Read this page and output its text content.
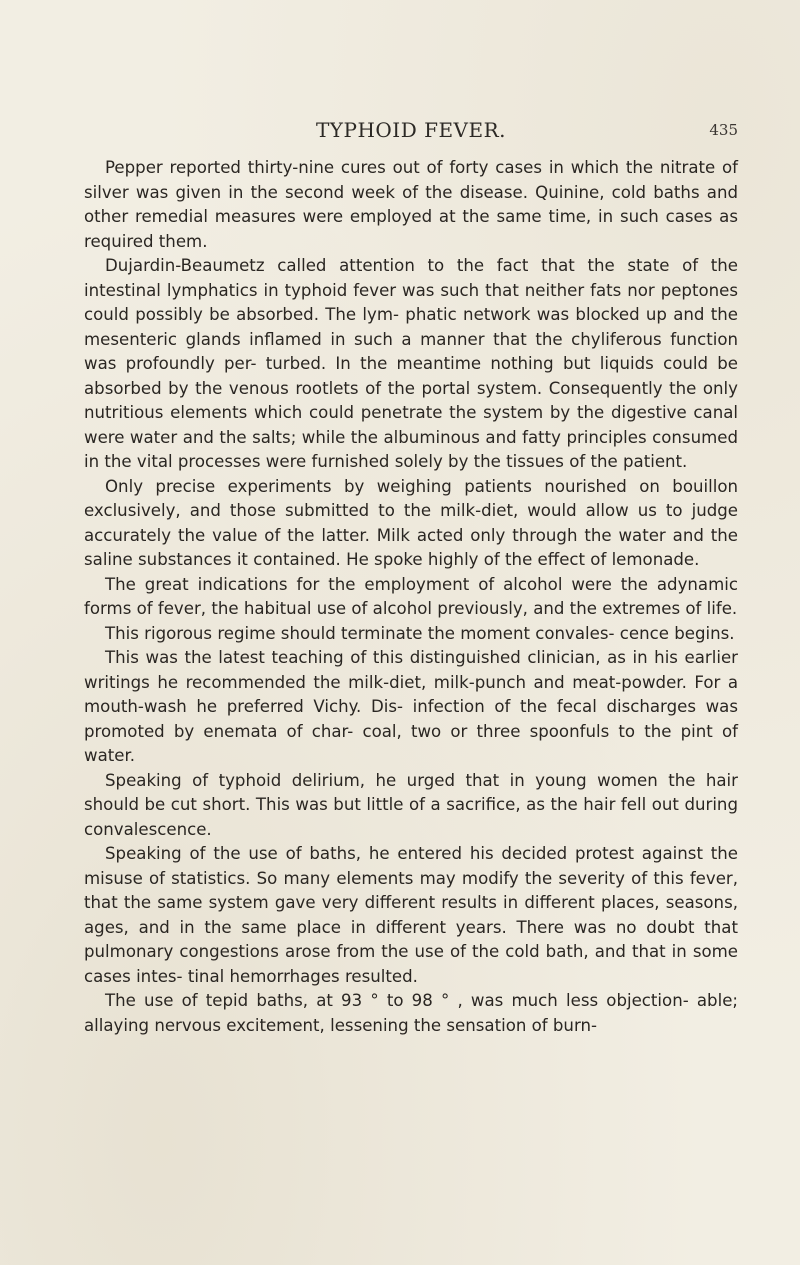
TYPHOID FEVER.	435

Pepper reported thirty-nine cures out of forty cases in which the nitrate of silver was given in the second week of the disease. Quinine, cold baths and other remedial measures were employed at the same time, in such cases as required them.

Dujardin-Beaumetz called attention to the fact that the state of the intestinal lymphatics in typhoid fever was such that neither fats nor peptones could possibly be absorbed. The lym- phatic network was blocked up and the mesenteric glands inflamed in such a manner that the chyliferous function was profoundly per- turbed. In the meantime nothing but liquids could be absorbed by the venous rootlets of the portal system. Consequently the only nutritious elements which could penetrate the system by the digestive canal were water and the salts; while the albuminous and fatty principles consumed in the vital processes were furnished solely by the tissues of the patient.

Only precise experiments by weighing patients nourished on bouillon exclusively, and those submitted to the milk-diet, would allow us to judge accurately the value of the latter. Milk acted only through the water and the saline substances it contained. He spoke highly of the effect of lemonade.

The great indications for the employment of alcohol were the adynamic forms of fever, the habitual use of alcohol previously, and the extremes of life.

This rigorous regime should terminate the moment convales- cence begins.

This was the latest teaching of this distinguished clinician, as in his earlier writings he recommended the milk-diet, milk-punch and meat-powder. For a mouth-wash he preferred Vichy. Dis- infection of the fecal discharges was promoted by enemata of char- coal, two or three spoonfuls to the pint of water.

Speaking of typhoid delirium, he urged that in young women the hair should be cut short. This was but little of a sacrifice, as the hair fell out during convalescence.

Speaking of the use of baths, he entered his decided protest against the misuse of statistics. So many elements may modify the severity of this fever, that the same system gave very different results in different places, seasons, ages, and in the same place in different years. There was no doubt that pulmonary congestions arose from the use of the cold bath, and that in some cases intes- tinal hemorrhages resulted.

The use of tepid baths, at 93 ° to 98 ° , was much less objection- able; allaying nervous excitement, lessening the sensation of burn-
